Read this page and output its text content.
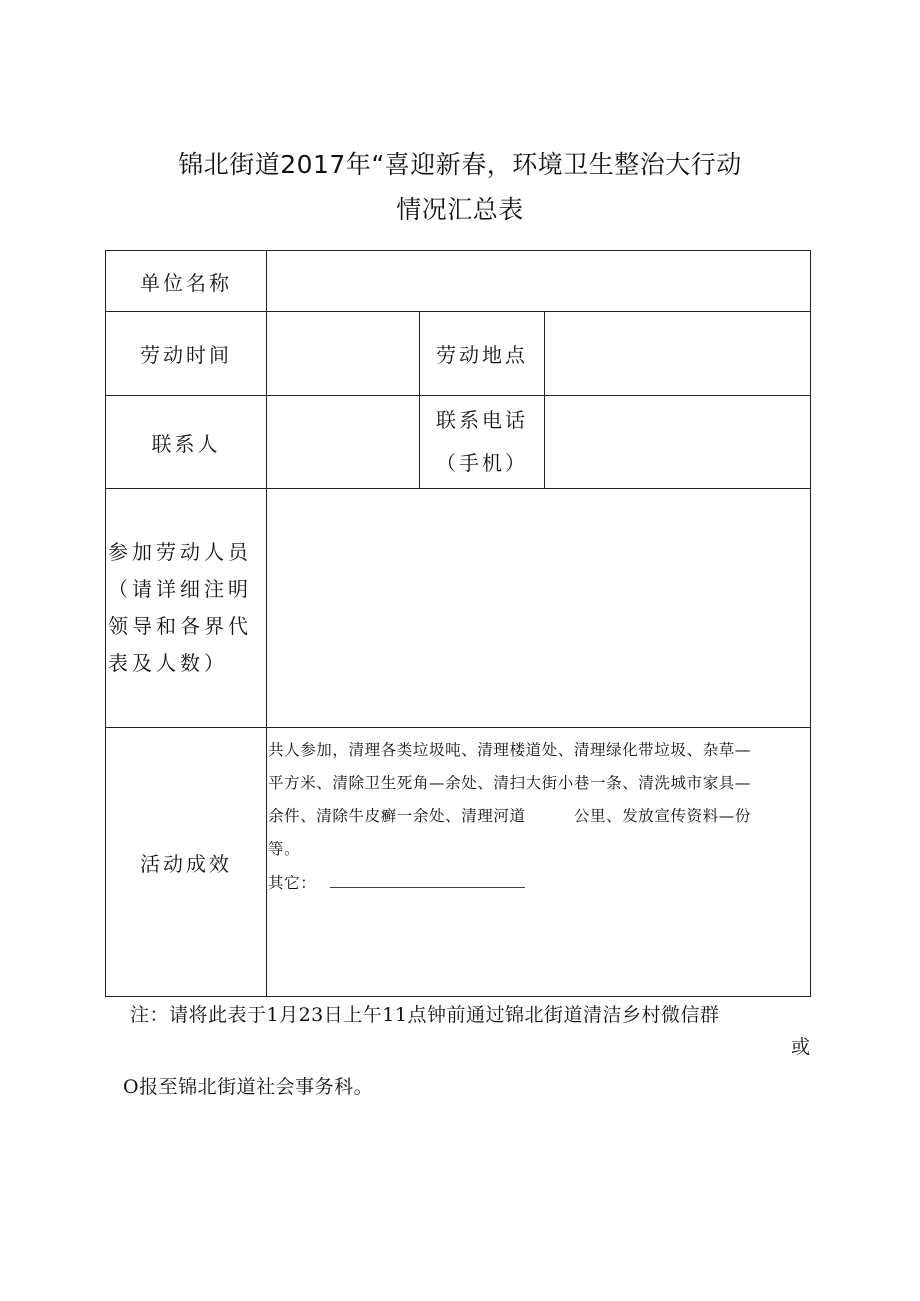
锦北街道2017年“喜迎新春，环境卫生整治大行动
情况汇总表
单位名称
劳动时间	劳动地点
联系人
联系电话
（手机）
参加劳动人员
（请详细注明
领导和各界代
表及人数）
活动成效
共人参加，清理各类垃圾吨、清理楼道处、清理绿化带垃圾、杂草—
平方米、清除卫生死角—余处、清扫大街小巷一条、清洗城市家具—
余件、清除牛皮癣一余处、清理河道　　　公里、发放宣传资料—份
等。
其它：
注：请将此表于1月23日上午11点钟前通过锦北街道清洁乡村微信群
或
O报至锦北街道社会事务科。
